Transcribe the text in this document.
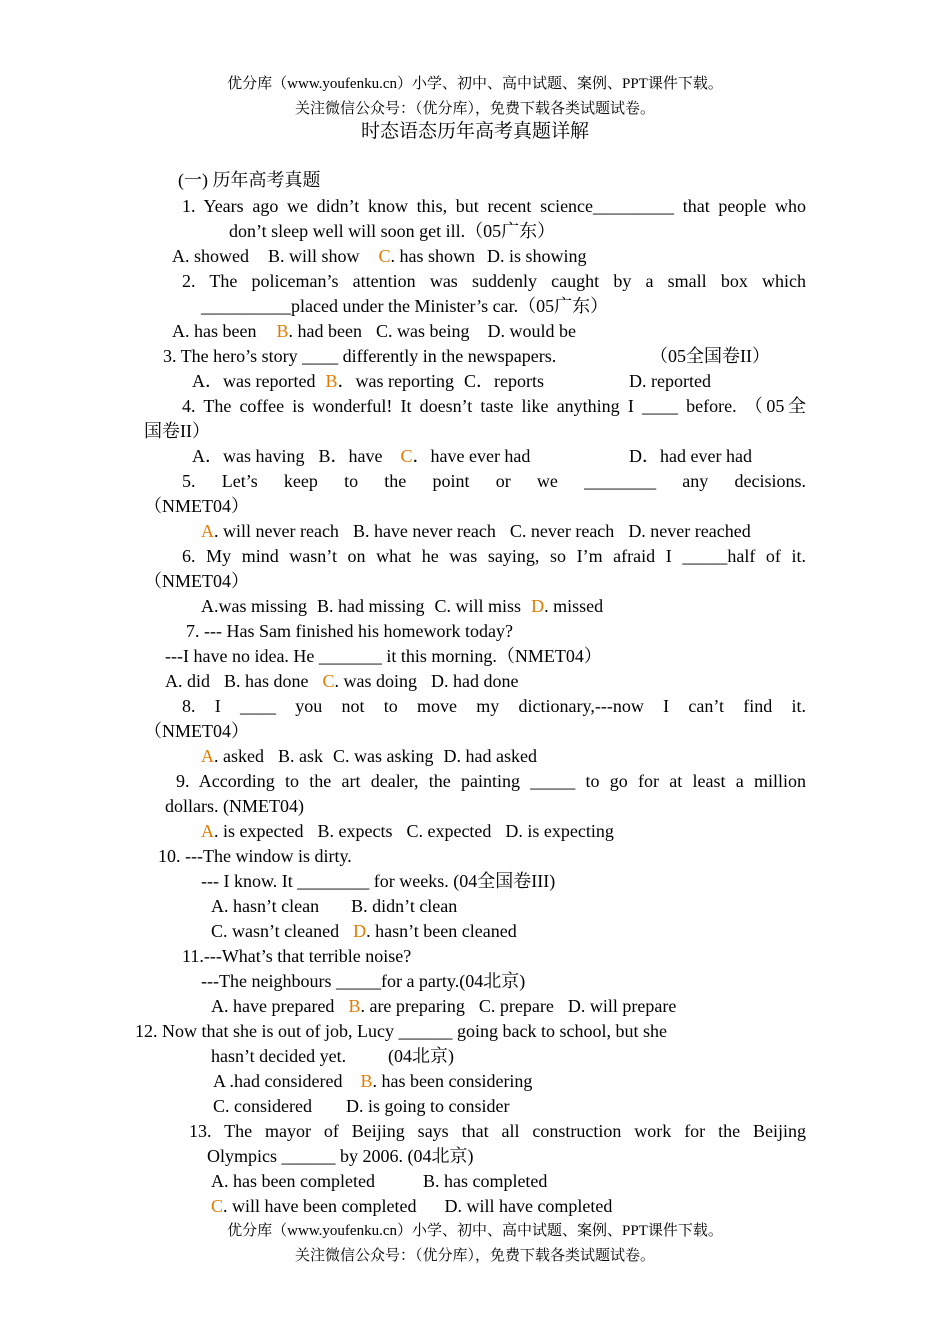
优分库（www.youfenku.cn）小学、初中、高中试题、案例、PPT课件下载。
关注微信公众号：（优分库），免费下载各类试题试卷。
时态语态历年高考真题详解
(一) 历年高考真题
1. Years ago we didn’t know this, but recent science_________ that people who
don’t sleep well will soon get ill.（05广东）
A. showed B. will show C. has shown D. is showing
2. The policeman’s attention was suddenly caught by a small box which
__________placed under the Minister’s car.（05广东）
A. has been B. had been C. was being D. would be
3. The hero’s story ____ differently in the newspapers.	（05全国卷II）
A．was reported B．was reporting C．reports	D. reported
4. The coffee is wonderful! It doesn’t taste like anything I ____ before. （05全
国卷II）
A．was having B．have C．have ever had	D．had ever had
5. Let’s keep to the point or we ________ any decisions.
（NMET04）
A. will never reach B. have never reach C. never reach D. never reached
6. My mind wasn’t on what he was saying, so I’m afraid I _____half of it.
（NMET04）
A.was missing B. had missing C. will miss D. missed
7. --- Has Sam finished his homework today?
---I have no idea. He _______ it this morning.（NMET04）
A. did B. has done C. was doing D. had done
8. I ____ you not to move my dictionary,---now I can’t find it.
（NMET04）
A. asked B. ask C. was asking D. had asked
9. According to the art dealer, the painting _____ to go for at least a million
dollars. (NMET04)
A. is expected B. expects C. expected D. is expecting
10. ---The window is dirty.
--- I know. It ________ for weeks. (04全国卷III)
A. hasn’t clean B. didn’t clean
C. wasn’t cleaned D. hasn’t been cleaned
11.---What’s that terrible noise?
---The neighbours _____for a party.(04北京)
A. have prepared B. are preparing C. prepare D. will prepare
12. Now that she is out of job, Lucy ______ going back to school, but she
hasn’t decided yet. (04北京)
A .had considered B. has been considering
C. considered D. is going to consider
13. The mayor of Beijing says that all construction work for the Beijing
Olympics ______ by 2006. (04北京)
A. has been completed	B. has completed
C. will have been completed D. will have completed
优分库（www.youfenku.cn）小学、初中、高中试题、案例、PPT课件下载。
关注微信公众号：（优分库），免费下载各类试题试卷。
